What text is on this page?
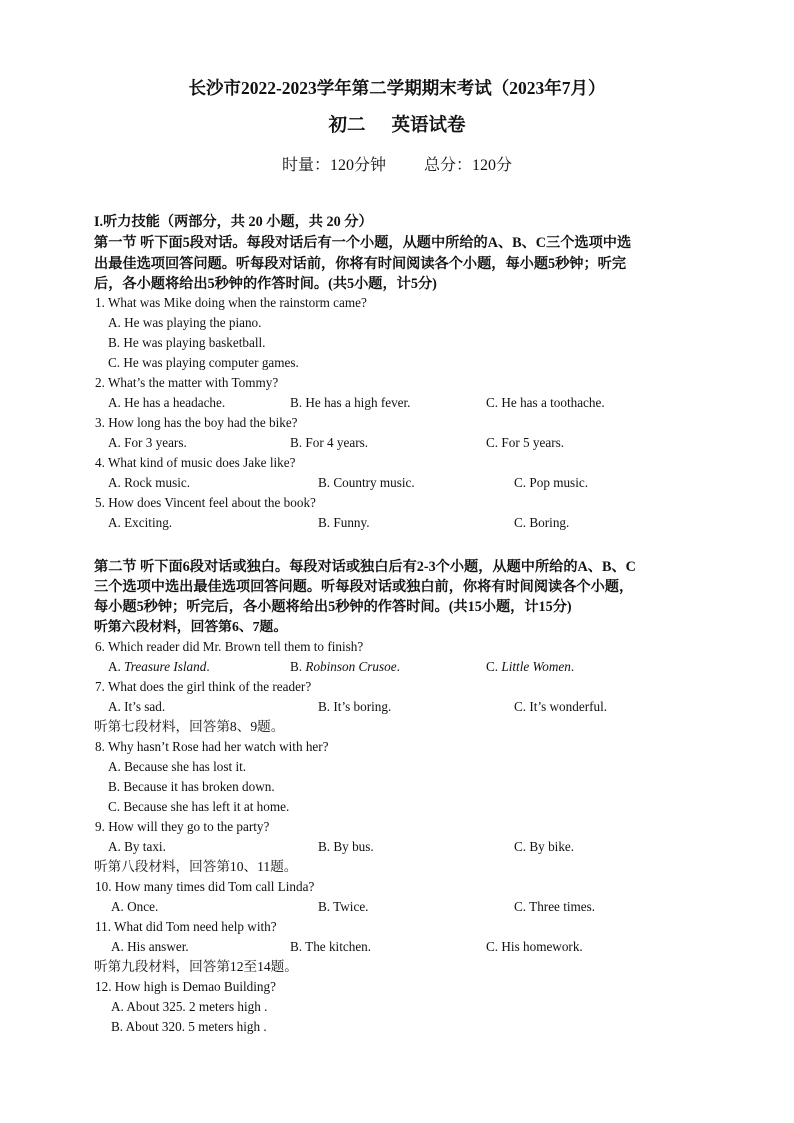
长沙市2022-2023学年第二学期期末考试（2023年7月）
初二 英语试卷
时量：120分钟 总分：120分
I.听力技能（两部分，共 20 小题，共 20 分）
第一节 听下面5段对话。每段对话后有一个小题，从题中所给的A、B、C三个选项中选
出最佳选项回答问题。听每段对话前，你将有时间阅读各个小题，每小题5秒钟；听完
后，各小题将给出5秒钟的作答时间。(共5小题，计5分)
1. What was Mike doing when the rainstorm came?
A. He was playing the piano.
B. He was playing basketball.
C. He was playing computer games.
2. What’s the matter with Tommy?
A. He has a headache.	B. He has a high fever.	C. He has a toothache.
3. How long has the boy had the bike?
A. For 3 years.	B. For 4 years.	C. For 5 years.
4. What kind of music does Jake like?
A. Rock music.	B. Country music.	C. Pop music.
5. How does Vincent feel about the book?
A. Exciting.	B. Funny.	C. Boring.
第二节 听下面6段对话或独白。每段对话或独白后有2-3个小题，从题中所给的A、B、C
三个选项中选出最佳选项回答问题。听每段对话或独白前，你将有时间阅读各个小题，
每小题5秒钟；听完后，各小题将给出5秒钟的作答时间。(共15小题，计15分)
听第六段材料，回答第6、7题。
6. Which reader did Mr. Brown tell them to finish?
A. Treasure Island.	B. Robinson Crusoe.	C. Little Women.
7. What does the girl think of the reader?
A. It’s sad.	B. It’s boring.	C. It’s wonderful.
听第七段材料，回答第8、9题。
8. Why hasn’t Rose had her watch with her?
A. Because she has lost it.
B. Because it has broken down.
C. Because she has left it at home.
9. How will they go to the party?
A. By taxi.	B. By bus.	C. By bike.
听第八段材料，回答第10、11题。
10. How many times did Tom call Linda?
A. Once.	B. Twice.	C. Three times.
11. What did Tom need help with?
A. His answer.	B. The kitchen.	C. His homework.
听第九段材料，回答第12至14题。
12. How high is Demao Building?
A. About 325. 2 meters high .
B. About 320. 5 meters high .
